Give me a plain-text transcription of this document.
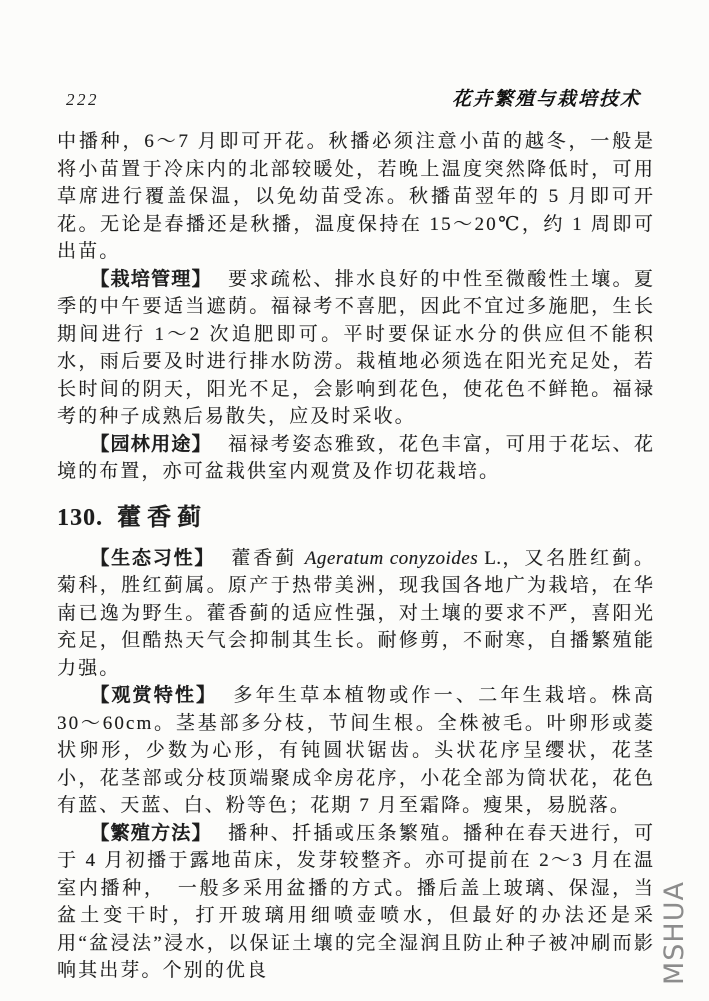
222	花卉繁殖与栽培技术

中播种，6～7 月即可开花。秋播必须注意小苗的越冬，一般是将小苗置于冷床内的北部较暖处，若晚上温度突然降低时，可用草席进行覆盖保温，以免幼苗受冻。秋播苗翌年的 5 月即可开花。无论是春播还是秋播，温度保持在 15～20℃，约 1 周即可出苗。

【栽培管理】 要求疏松、排水良好的中性至微酸性土壤。夏季的中午要适当遮荫。福禄考不喜肥，因此不宜过多施肥，生长期间进行 1～2 次追肥即可。平时要保证水分的供应但不能积水，雨后要及时进行排水防涝。栽植地必须选在阳光充足处，若长时间的阴天，阳光不足，会影响到花色，使花色不鲜艳。福禄考的种子成熟后易散失，应及时采收。

【园林用途】 福禄考姿态雅致，花色丰富，可用于花坛、花境的布置，亦可盆栽供室内观赏及作切花栽培。

130. 藿香蓟

【生态习性】 藿香蓟 Ageratum conyzoides L.，又名胜红蓟。菊科，胜红蓟属。原产于热带美洲，现我国各地广为栽培，在华南已逸为野生。藿香蓟的适应性强，对土壤的要求不严，喜阳光充足，但酷热天气会抑制其生长。耐修剪，不耐寒，自播繁殖能力强。

【观赏特性】 多年生草本植物或作一、二年生栽培。株高 30～60cm。茎基部多分枝，节间生根。全株被毛。叶卵形或菱状卵形，少数为心形，有钝圆状锯齿。头状花序呈缨状，花茎小，花茎部或分枝顶端聚成伞房花序，小花全部为筒状花，花色有蓝、天蓝、白、粉等色；花期 7 月至霜降。瘦果，易脱落。

【繁殖方法】 播种、扦插或压条繁殖。播种在春天进行，可于 4 月初播于露地苗床，发芽较整齐。亦可提前在 2～3 月在温室内播种，　一般多采用盆播的方式。播后盖上玻璃、保湿，当盆土变干时，打开玻璃用细喷壶喷水，但最好的办法还是采用“盆浸法”浸水，以保证土壤的完全湿润且防止种子被冲刷而影响其出芽。个别的优良	MSHUA
